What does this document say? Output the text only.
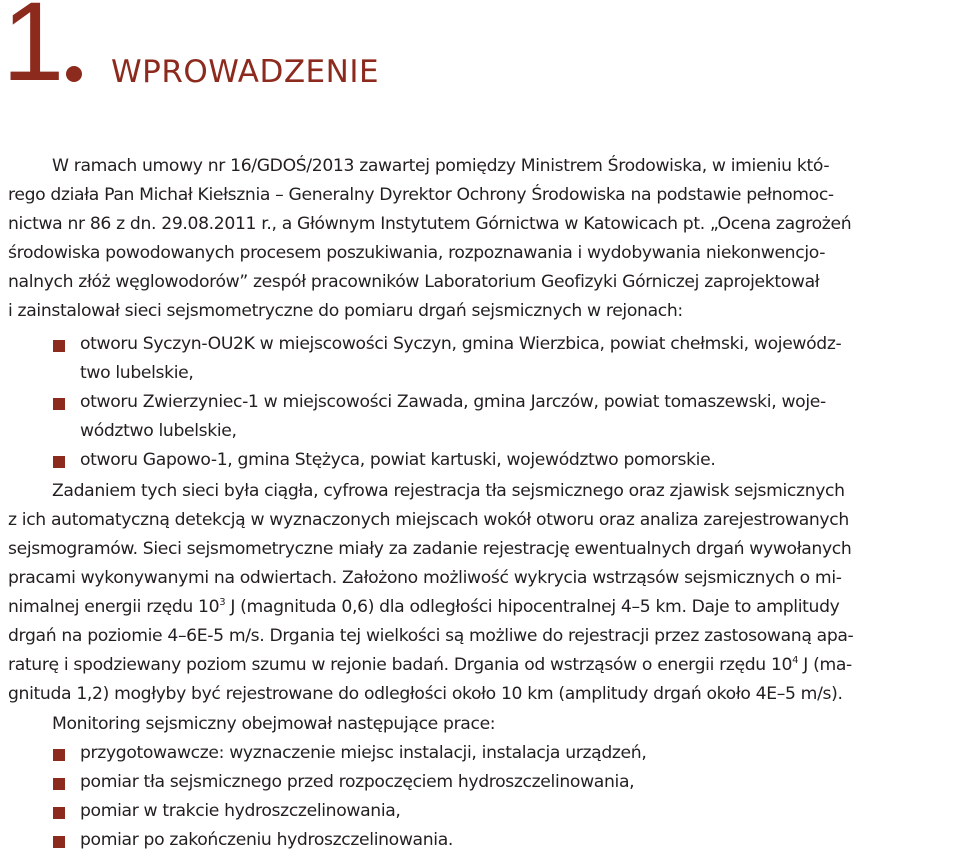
1 WPROWADZENIE
W ramach umowy nr 16/GDOŚ/2013 zawartej pomiędzy Ministrem Środowiska, w imieniu któ-
rego działa Pan Michał Kiełsznia – Generalny Dyrektor Ochrony Środowiska na podstawie pełnomoc-
nictwa nr 86 z dn. 29.08.2011 r., a Głównym Instytutem Górnictwa w Katowicach pt. „Ocena zagrożeń
środowiska powodowanych procesem poszukiwania, rozpoznawania i wydobywania niekonwencjo-
nalnych złóż węglowodorów” zespół pracowników Laboratorium Geofizyki Górniczej zaprojektował
i zainstalował sieci sejsmometryczne do pomiaru drgań sejsmicznych w rejonach:
otworu Syczyn-OU2K w miejscowości Syczyn, gmina Wierzbica, powiat chełmski, wojewódz-
two lubelskie,
otworu Zwierzyniec-1 w miejscowości Zawada, gmina Jarczów, powiat tomaszewski, woje-
wództwo lubelskie,
otworu Gapowo-1, gmina Stężyca, powiat kartuski, województwo pomorskie.
Zadaniem tych sieci była ciągła, cyfrowa rejestracja tła sejsmicznego oraz zjawisk sejsmicznych
z ich automatyczną detekcją w wyznaczonych miejscach wokół otworu oraz analiza zarejestrowanych
sejsmogramów. Sieci sejsmometryczne miały za zadanie rejestrację ewentualnych drgań wywołanych
pracami wykonywanymi na odwiertach. Założono możliwość wykrycia wstrząsów sejsmicznych o mi-
nimalnej energii rzędu $10^3$ J (magnituda 0,6) dla odległości hipocentralnej 4–5 km. Daje to amplitudy
drgań na poziomie 4–6E-5 m/s. Drgania tej wielkości są możliwe do rejestracji przez zastosowaną apa-
raturę i spodziewany poziom szumu w rejonie badań. Drgania od wstrząsów o energii rzędu $10^4$ J (ma-
gnituda 1,2) mogłyby być rejestrowane do odległości około 10 km (amplitudy drgań około 4E–5 m/s).
Monitoring sejsmiczny obejmował następujące prace:
przygotowawcze: wyznaczenie miejsc instalacji, instalacja urządzeń,
pomiar tła sejsmicznego przed rozpoczęciem hydroszczelinowania,
pomiar w trakcie hydroszczelinowania,
pomiar po zakończeniu hydroszczelinowania.
